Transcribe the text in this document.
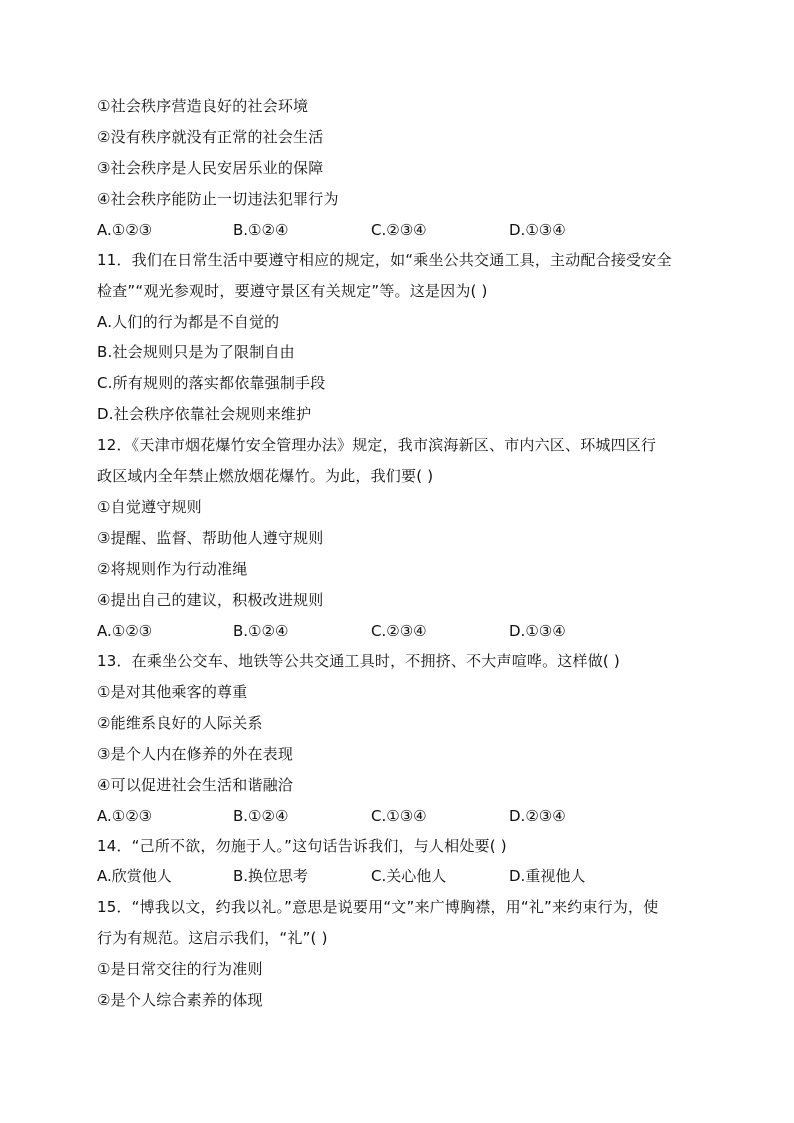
①社会秩序营造良好的社会环境
②没有秩序就没有正常的社会生活
③社会秩序是人民安居乐业的保障
④社会秩序能防止一切违法犯罪行为
A.①②③	B.①②④	C.②③④	D.①③④
11．我们在日常生活中要遵守相应的规定，如“乘坐公共交通工具，主动配合接受安全
检查”“观光参观时，要遵守景区有关规定”等。这是因为( )
A.人们的行为都是不自觉的
B.社会规则只是为了限制自由
C.所有规则的落实都依靠强制手段
D.社会秩序依靠社会规则来维护
12．《天津市烟花爆竹安全管理办法》规定，我市滨海新区、市内六区、环城四区行
政区域内全年禁止燃放烟花爆竹。为此，我们要( )
①自觉遵守规则
③提醒、监督、帮助他人遵守规则
②将规则作为行动准绳
④提出自己的建议，积极改进规则
A.①②③	B.①②④	C.②③④	D.①③④
13．在乘坐公交车、地铁等公共交通工具时，不拥挤、不大声喧哗。这样做( )
①是对其他乘客的尊重
②能维系良好的人际关系
③是个人内在修养的外在表现
④可以促进社会生活和谐融洽
A.①②③	B.①②④	C.①③④	D.②③④
14．“己所不欲，勿施于人。”这句话告诉我们，与人相处要( )
A.欣赏他人	B.换位思考	C.关心他人	D.重视他人
15．“博我以文，约我以礼。”意思是说要用“文”来广博胸襟，用“礼”来约束行为，使
行为有规范。这启示我们，“礼”( )
①是日常交往的行为准则
②是个人综合素养的体现
